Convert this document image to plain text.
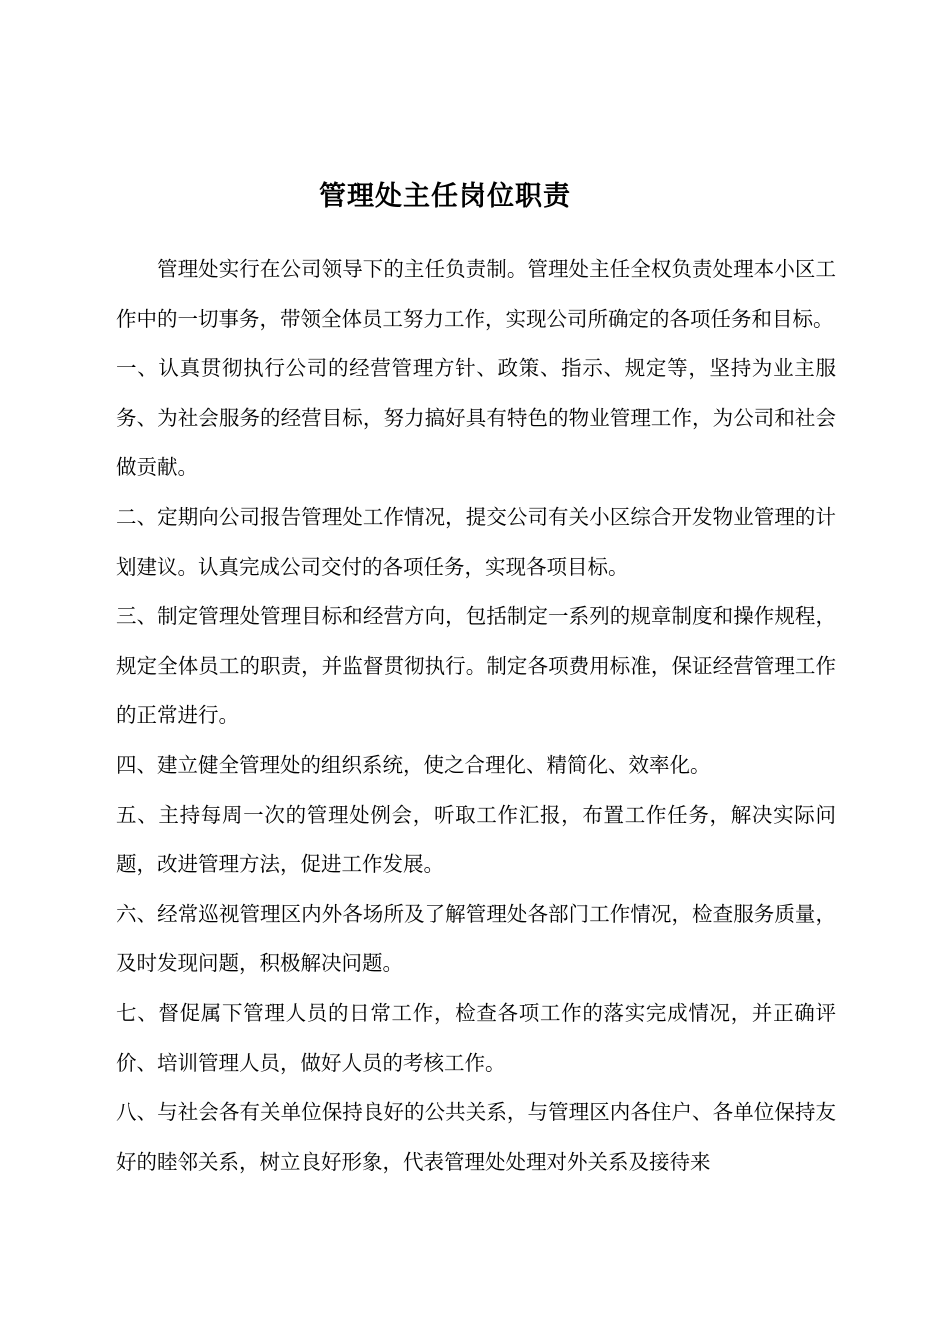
管理处主任岗位职责

管理处实行在公司领导下的主任负责制。管理处主任全权负责处理本小区工作中的一切事务，带领全体员工努力工作，实现公司所确定的各项任务和目标。

一、认真贯彻执行公司的经营管理方针、政策、指示、规定等，坚持为业主服务、为社会服务的经营目标，努力搞好具有特色的物业管理工作，为公司和社会做贡献。

二、定期向公司报告管理处工作情况，提交公司有关小区综合开发物业管理的计划建议。认真完成公司交付的各项任务，实现各项目标。

三、制定管理处管理目标和经营方向，包括制定一系列的规章制度和操作规程，规定全体员工的职责，并监督贯彻执行。制定各项费用标准，保证经营管理工作的正常进行。

四、建立健全管理处的组织系统，使之合理化、精简化、效率化。

五、主持每周一次的管理处例会，听取工作汇报，布置工作任务，解决实际问题，改进管理方法，促进工作发展。

六、经常巡视管理区内外各场所及了解管理处各部门工作情况，检查服务质量，及时发现问题，积极解决问题。

七、督促属下管理人员的日常工作，检查各项工作的落实完成情况，并正确评价、培训管理人员，做好人员的考核工作。

八、与社会各有关单位保持良好的公共关系，与管理区内各住户、各单位保持友好的睦邻关系，树立良好形象，代表管理处处理对外关系及接待来
